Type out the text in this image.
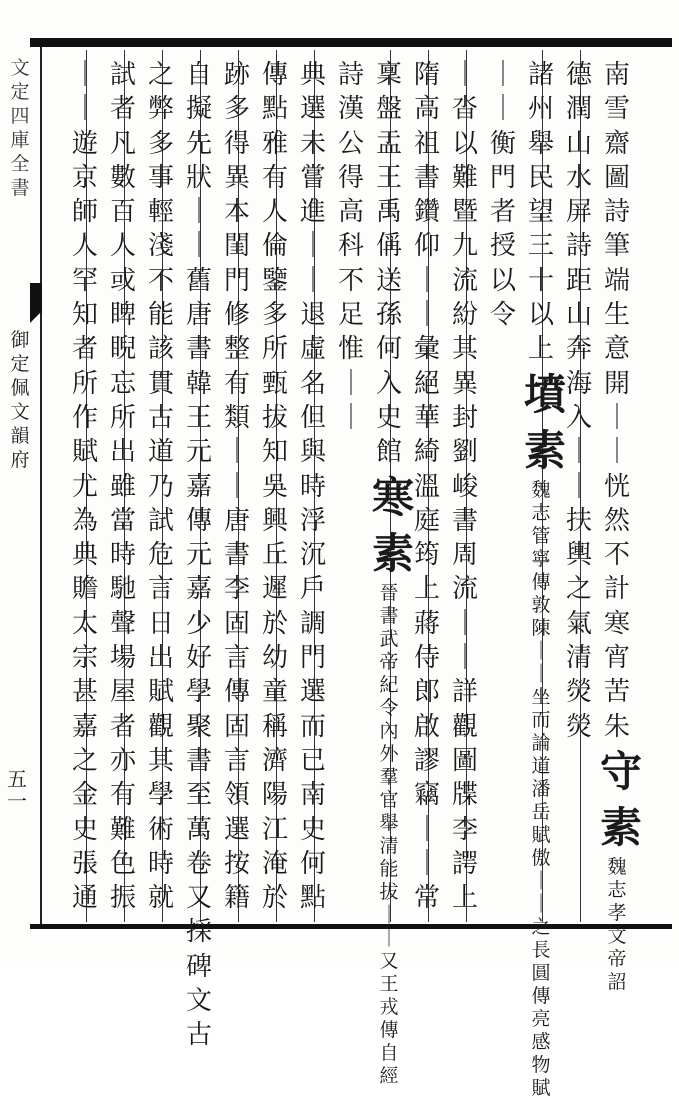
文
定
四
庫
全
書
御
定
佩
文
韻
府
五
一
南
雪
齋
圖
詩
筆
端
生
意
開
｜
｜
恍
然
不
計
寒
宵
苦
朱
守
素
魏
志
孝
文
帝
詔
德
潤
山
水
屏
詩
距
山
奔
海
入
｜
｜
扶
輿
之
氣
清
熒
熒
諸
州
舉
民
望
三
十
以
上
墳
素
魏
志
管
寧
傳
敦
陳
｜
｜
坐
而
論
道
潘
岳
賦
傲
｜
｜
之
長
圓
傳
亮
感
物
賦
｜
｜
衡
門
者
授
以
令
｜
沓
以
難
暨
九
流
紛
其
異
封
劉
峻
書
周
流
｜
｜
詳
觀
圖
牒
李
諤
上
隋
高
祖
書
鑽
仰
｜
｜
彙
絕
華
綺
溫
庭
筠
上
蔣
侍
郎
啟
謬
竊
｜
｜
常
稟
盤
盂
王
禹
偁
送
孫
何
入
史
館
寒
素
晉
書
武
帝
紀
令
內
外
羣
官
舉
清
能
拔
｜
｜
又
王
戎
傳
自
經
詩
漢
公
得
高
科
不
足
惟
｜
｜
典
選
未
嘗
進
｜
｜
退
虛
名
但
與
時
浮
沉
戶
調
門
選
而
已
南
史
何
點
傳
點
雅
有
人
倫
鑒
多
所
甄
拔
知
吳
興
丘
遲
於
幼
童
稱
濟
陽
江
淹
於
跡
多
得
異
本
閨
門
修
整
有
類
｜
｜
唐
書
李
固
言
傳
固
言
領
選
按
籍
自
擬
先
狀
｜
｜
舊
唐
書
韓
王
元
嘉
傳
元
嘉
少
好
學
聚
書
至
萬
卷
又
採
碑
文
古
之
弊
多
事
輕
淺
不
能
該
貫
古
道
乃
試
危
言
日
出
賦
觀
其
學
術
時
就
試
者
凡
數
百
人
或
睥
睨
忘
所
出
雖
當
時
馳
聲
場
屋
者
亦
有
難
色
振
｜
｜
遊
京
師
人
罕
知
者
所
作
賦
尤
為
典
贍
太
宗
甚
嘉
之
金
史
張
通
